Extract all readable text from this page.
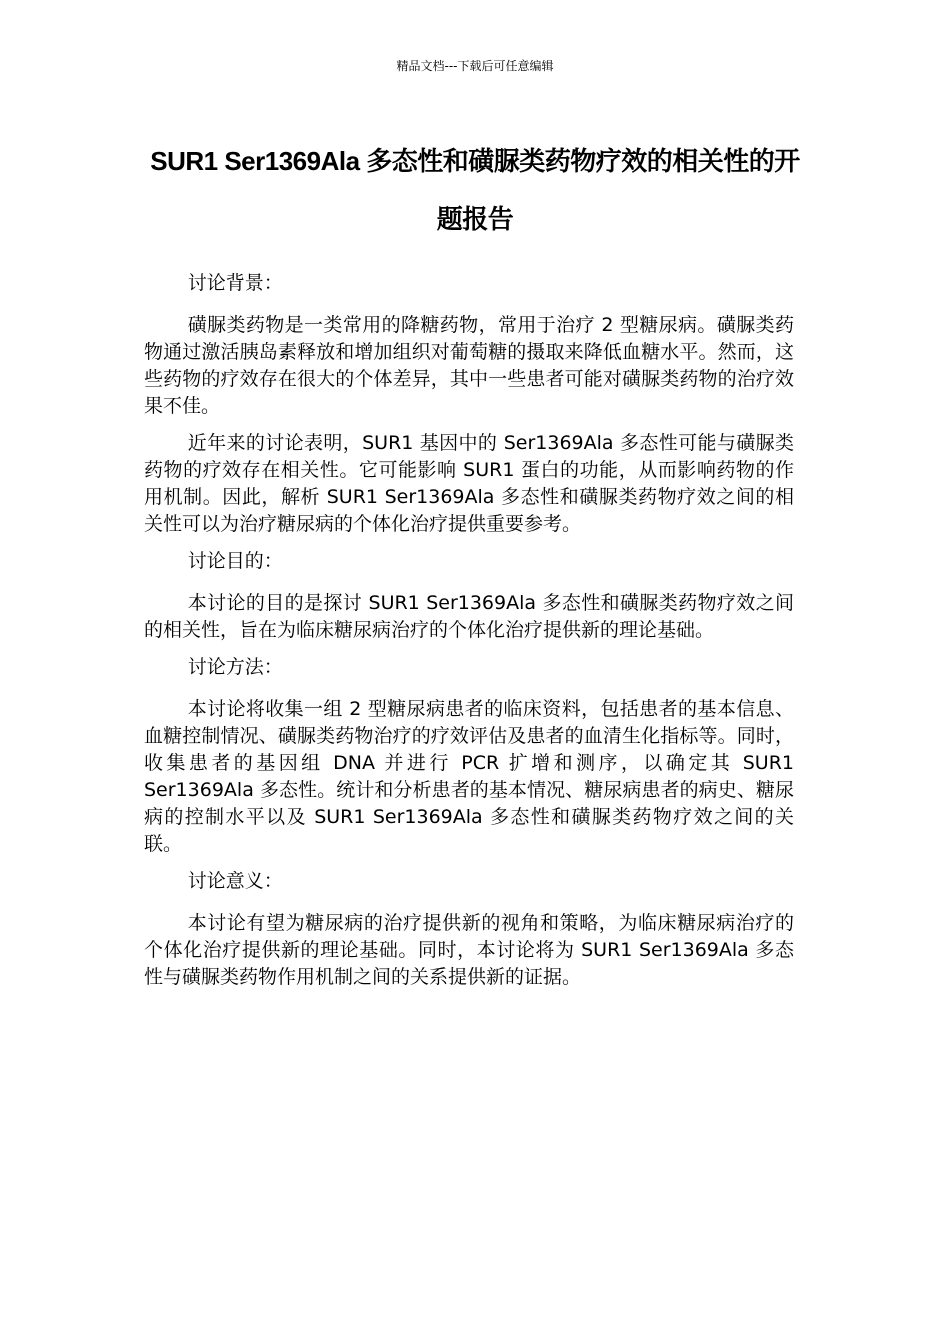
精品文档---下载后可任意编辑
SUR1 Ser1369Ala 多态性和磺脲类药物疗效的相关性的开题报告

讨论背景：

磺脲类药物是一类常用的降糖药物，常用于治疗 2 型糖尿病。磺脲类药物通过激活胰岛素释放和增加组织对葡萄糖的摄取来降低血糖水平。然而，这些药物的疗效存在很大的个体差异，其中一些患者可能对磺脲类药物的治疗效果不佳。

近年来的讨论表明，SUR1 基因中的 Ser1369Ala 多态性可能与磺脲类药物的疗效存在相关性。它可能影响 SUR1 蛋白的功能，从而影响药物的作用机制。因此，解析 SUR1 Ser1369Ala 多态性和磺脲类药物疗效之间的相关性可以为治疗糖尿病的个体化治疗提供重要参考。

讨论目的：

本讨论的目的是探讨 SUR1 Ser1369Ala 多态性和磺脲类药物疗效之间的相关性，旨在为临床糖尿病治疗的个体化治疗提供新的理论基础。

讨论方法：

本讨论将收集一组 2 型糖尿病患者的临床资料，包括患者的基本信息、血糖控制情况、磺脲类药物治疗的疗效评估及患者的血清生化指标等。同时，收集患者的基因组 DNA 并进行 PCR 扩增和测序，以确定其 SUR1 Ser1369Ala 多态性。统计和分析患者的基本情况、糖尿病患者的病史、糖尿病的控制水平以及 SUR1 Ser1369Ala 多态性和磺脲类药物疗效之间的关联。

讨论意义：

本讨论有望为糖尿病的治疗提供新的视角和策略，为临床糖尿病治疗的个体化治疗提供新的理论基础。同时，本讨论将为 SUR1 Ser1369Ala 多态性与磺脲类药物作用机制之间的关系提供新的证据。
